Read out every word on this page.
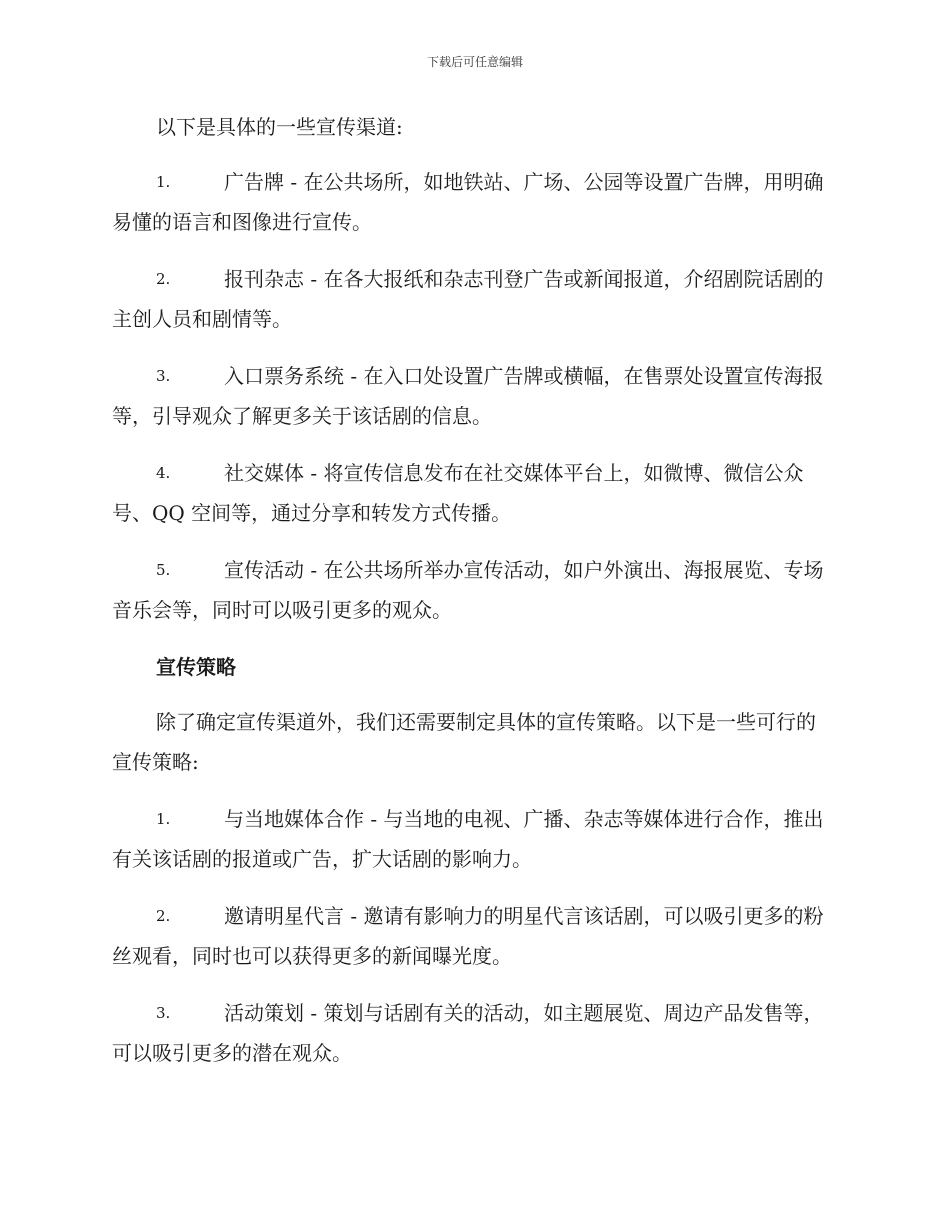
下载后可任意编辑

以下是具体的一些宣传渠道:

1.	广告牌 - 在公共场所，如地铁站、广场、公园等设置广告牌，用明确易懂的语言和图像进行宣传。

2.	报刊杂志 - 在各大报纸和杂志刊登广告或新闻报道，介绍剧院话剧的主创人员和剧情等。

3.	入口票务系统 - 在入口处设置广告牌或横幅，在售票处设置宣传海报等，引导观众了解更多关于该话剧的信息。

4.	社交媒体 - 将宣传信息发布在社交媒体平台上，如微博、微信公众号、QQ 空间等，通过分享和转发方式传播。

5.	宣传活动 - 在公共场所举办宣传活动，如户外演出、海报展览、专场音乐会等，同时可以吸引更多的观众。

宣传策略

除了确定宣传渠道外，我们还需要制定具体的宣传策略。以下是一些可行的宣传策略:

1.	与当地媒体合作 - 与当地的电视、广播、杂志等媒体进行合作，推出有关该话剧的报道或广告，扩大话剧的影响力。

2.	邀请明星代言 - 邀请有影响力的明星代言该话剧，可以吸引更多的粉丝观看，同时也可以获得更多的新闻曝光度。

3.	活动策划 - 策划与话剧有关的活动，如主题展览、周边产品发售等，可以吸引更多的潜在观众。
